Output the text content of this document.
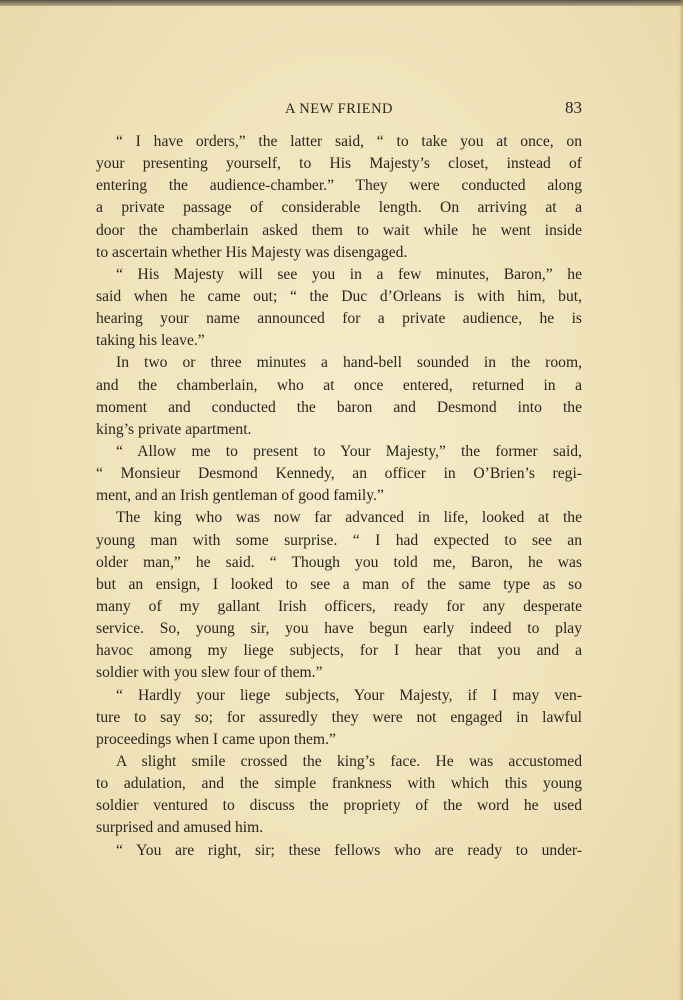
A NEW FRIEND	83
“ I have orders,” the latter said, “ to take you at once, on
your presenting yourself, to His Majesty’s closet, instead of
entering the audience-chamber.” They were conducted along
a private passage of considerable length. On arriving at a
door the chamberlain asked them to wait while he went inside
to ascertain whether His Majesty was disengaged.
“ His Majesty will see you in a few minutes, Baron,” he
said when he came out; “ the Duc d’Orleans is with him, but,
hearing your name announced for a private audience, he is
taking his leave.”
In two or three minutes a hand-bell sounded in the room,
and the chamberlain, who at once entered, returned in a
moment and conducted the baron and Desmond into the
king’s private apartment.
“ Allow me to present to Your Majesty,” the former said,
“ Monsieur Desmond Kennedy, an officer in O’Brien’s regi-
ment, and an Irish gentleman of good family.”
The king who was now far advanced in life, looked at the
young man with some surprise. “ I had expected to see an
older man,” he said. “ Though you told me, Baron, he was
but an ensign, I looked to see a man of the same type as so
many of my gallant Irish officers, ready for any desperate
service. So, young sir, you have begun early indeed to play
havoc among my liege subjects, for I hear that you and a
soldier with you slew four of them.”
“ Hardly your liege subjects, Your Majesty, if I may ven-
ture to say so; for assuredly they were not engaged in lawful
proceedings when I came upon them.”
A slight smile crossed the king’s face. He was accustomed
to adulation, and the simple frankness with which this young
soldier ventured to discuss the propriety of the word he used
surprised and amused him.
“ You are right, sir; these fellows who are ready to under-
